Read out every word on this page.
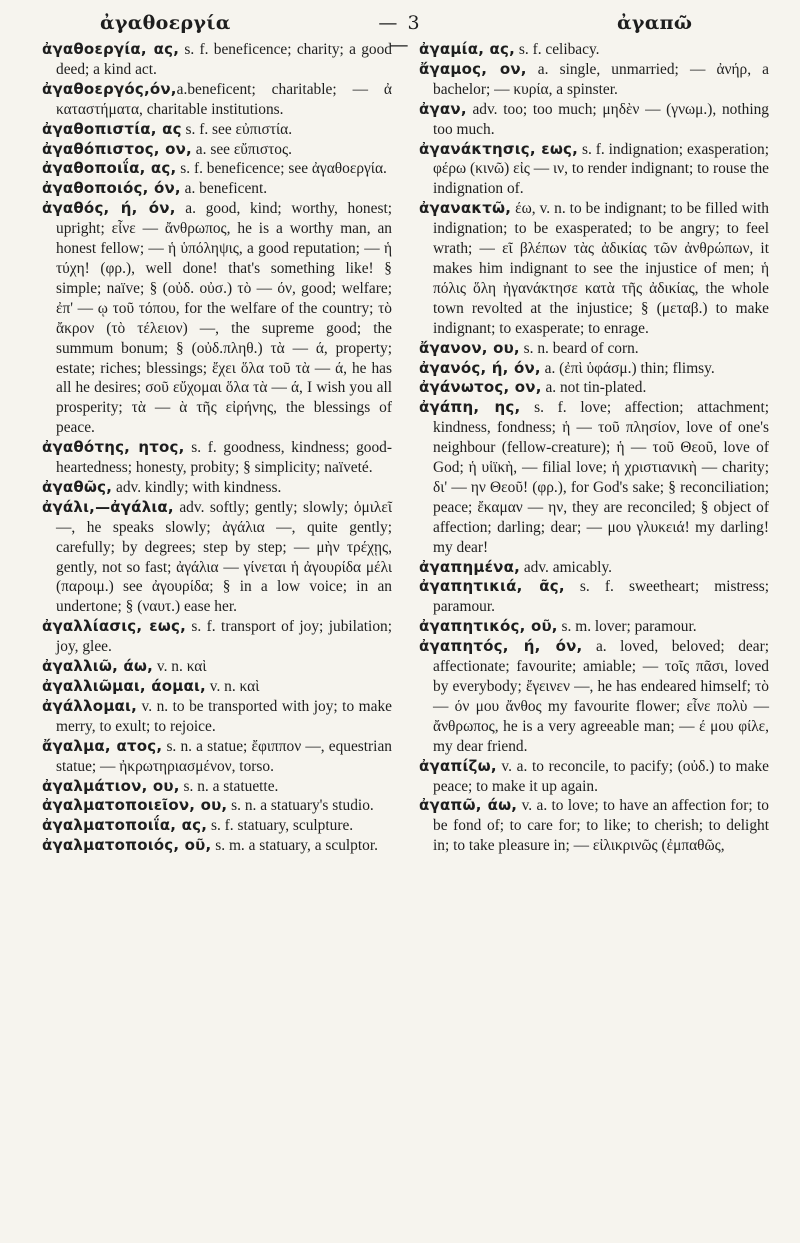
ἀγαθοεργία	— 3 —
ἀγαπῶ

ἀγαθοεργία, ας, s. f. beneficence; charity; a good deed; a kind act.

ἀγαθοεργός,όν,a.beneficent; charitable; — ἀ καταστήματα, charitable institutions.

ἀγαθοπιστία, ας s. f. see εὐπιστία.

ἀγαθόπιστος, ον, a. see εὔπιστος.

ἀγαθοποιΐα, ας, s. f. beneficence; see ἀγαθοεργία.

ἀγαθοποιός, όν, a. beneficent.

ἀγαθός, ή, όν, a. good, kind; worthy, honest; upright; εἶνε — ἄνθρωπος, he is a worthy man, an honest fellow; — ἡ ὑπόληψις, a good reputation; — ἡ τύχη! (φρ.), well done! that's something like! § simple; naïve; § (οὐδ. οὐσ.) τὸ — όν, good; welfare; ἐπ' — ῳ τοῦ τόπου, for the welfare of the country; τὸ ἄκρον (τὸ τέλειον) —, the supreme good; the summum bonum; § (οὐδ.πληθ.) τὰ — ά, property; estate; riches; blessings; ἔχει ὅλα τοῦ τὰ — ά, he has all he desires; σοῦ εὔχομαι ὅλα τὰ — ά, I wish you all prosperity; τὰ — ὰ τῆς εἰρήνης, the blessings of peace.

ἀγαθότης, ητος, s. f. goodness, kindness; good-heartedness; honesty, probity; § simplicity; naïveté.

ἀγαθῶς, adv. kindly; with kindness.

ἀγάλι,—ἀγάλια, adv. softly; gently; slowly; ὁμιλεῖ —, he speaks slowly; ἀγάλια —, quite gently; carefully; by degrees; step by step; — μὴν τρέχῃς, gently, not so fast; ἀγάλια — γίνεται ἡ ἀγουρίδα μέλι (παροιμ.) see ἀγουρίδα; § in a low voice; in an undertone; § (ναυτ.) ease her.

ἀγαλλίασις, εως, s. f. transport of joy; jubilation; joy, glee.

ἀγαλλιῶ, άω, v. n. καὶ

ἀγαλλιῶμαι, άομαι, v. n. καὶ

ἀγάλλομαι, v. n. to be transported with joy; to make merry, to exult; to rejoice.

ἄγαλμα, ατος, s. n. a statue; ἔφιππον —, equestrian statue; — ἠκρωτηριασμένον, torso.

ἀγαλμάτιον, ου, s. n. a statuette.

ἀγαλματοποιεῖον, ου, s. n. a statuary's studio.

ἀγαλματοποιΐα, ας, s. f. statuary, sculpture.

ἀγαλματοποιός, οῦ, s. m. a statuary, a sculptor.

ἀγαμία, ας, s. f. celibacy.

ἄγαμος, ον, a. single, unmarried; — ἀνήρ, a bachelor; — κυρία, a spinster.

ἀγαν, adv. too; too much; μηδὲν — (γνωμ.), nothing too much.

ἀγανάκτησις, εως, s. f. indignation; exasperation; φέρω (κινῶ) εἰς — ιν, to render indignant; to rouse the indignation of.

ἀγανακτῶ, έω, v. n. to be indignant; to be filled with indignation; to be exasperated; to be angry; to feel wrath; — εῖ βλέπων τὰς ἀδικίας τῶν ἀνθρώπων, it makes him indignant to see the injustice of men; ἡ πόλις ὅλη ἠγανάκτησε κατὰ τῆς ἀδικίας, the whole town revolted at the injustice; § (μεταβ.) to make indignant; to exasperate; to enrage.

ἄγανον, ου, s. n. beard of corn.

ἀγανός, ή, όν, a. (ἐπὶ ὑφάσμ.) thin; flimsy.

ἀγάνωτος, ον, a. not tin-plated.

ἀγάπη, ης, s. f. love; affection; attachment; kindness, fondness; ἡ — τοῦ πλησίον, love of one's neighbour (fellow-creature); ἡ — τοῦ Θεοῦ, love of God; ἡ υἱϊκὴ, — filial love; ἡ χριστιανικὴ — charity; δι' — ην Θεοῦ! (φρ.), for God's sake; § reconciliation; peace; ἔκαμαν — ην, they are reconciled; § object of affection; darling; dear; — μου γλυκειά! my darling! my dear!

ἀγαπημένα, adv. amicably.

ἀγαπητικιά, ᾶς, s. f. sweetheart; mistress; paramour.

ἀγαπητικός, οῦ, s. m. lover; paramour.

ἀγαπητός, ή, όν, a. loved, beloved; dear; affectionate; favourite; amiable; — τοῖς πᾶσι, loved by everybody; ἔγεινεν —, he has endeared himself; τὸ — όν μου ἄνθος my favourite flower; εἶνε πολὺ — ἄνθρωπος, he is a very agreeable man; — έ μου φίλε, my dear friend.

ἀγαπίζω, v. a. to reconcile, to pacify; (οὐδ.) to make peace; to make it up again.

ἀγαπῶ, άω, v. a. to love; to have an affection for; to be fond of; to care for; to like; to cherish; to delight in; to take pleasure in; — εἰλικρινῶς (ἐμπαθῶς,
